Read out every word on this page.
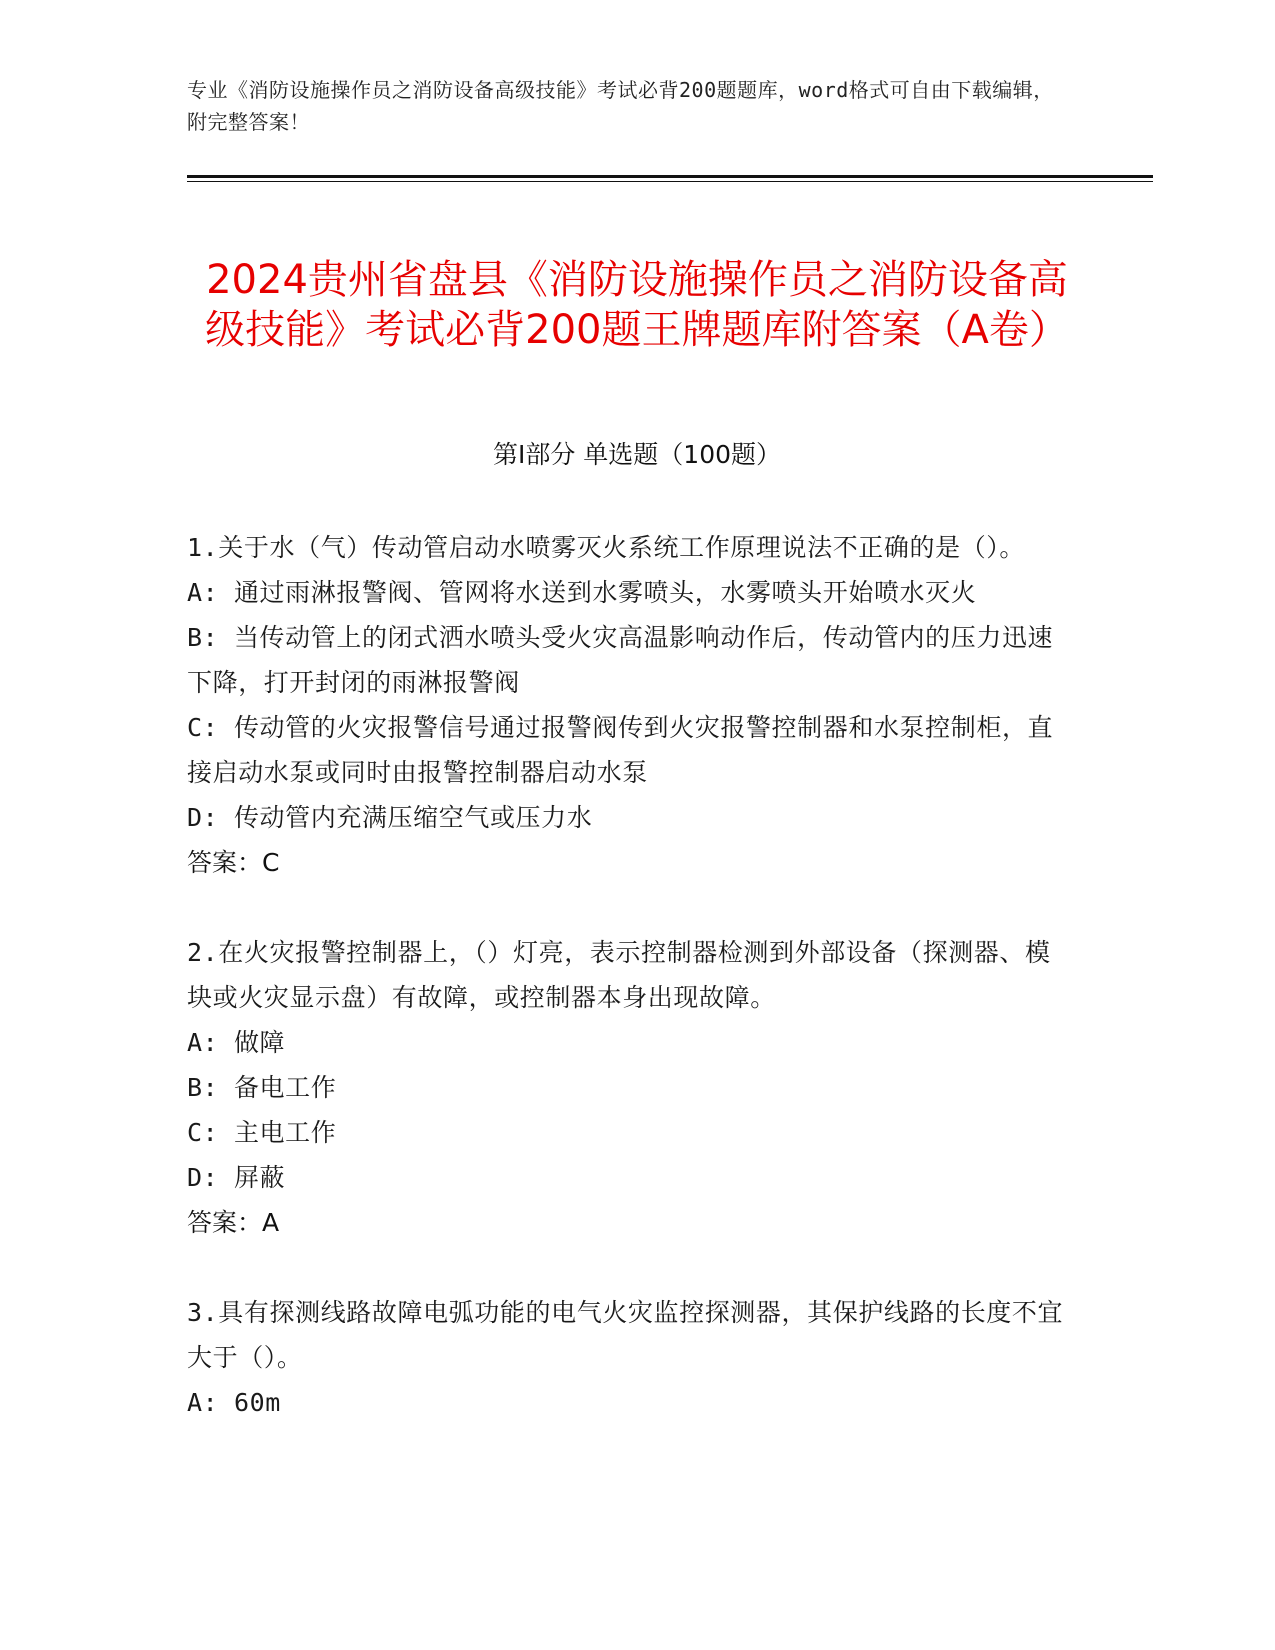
专业《消防设施操作员之消防设备高级技能》考试必背200题题库，word格式可自由下载编辑，附完整答案！
2024贵州省盘县《消防设施操作员之消防设备高级技能》考试必背200题王牌题库附答案（A卷）
第Ⅰ部分 单选题（100题）

1.关于水（气）传动管启动水喷雾灭火系统工作原理说法不正确的是（）。

A: 通过雨淋报警阀、管网将水送到水雾喷头，水雾喷头开始喷水灭火

B: 当传动管上的闭式洒水喷头受火灾高温影响动作后，传动管内的压力迅速下降，打开封闭的雨淋报警阀

C: 传动管的火灾报警信号通过报警阀传到火灾报警控制器和水泵控制柜，直接启动水泵或同时由报警控制器启动水泵

D: 传动管内充满压缩空气或压力水

答案：C

2.在火灾报警控制器上，（）灯亮，表示控制器检测到外部设备（探测器、模块或火灾显示盘）有故障，或控制器本身出现故障。

A: 做障

B: 备电工作

C: 主电工作

D: 屏蔽

答案：A

3.具有探测线路故障电弧功能的电气火灾监控探测器，其保护线路的长度不宜大于（）。

A: 60m
